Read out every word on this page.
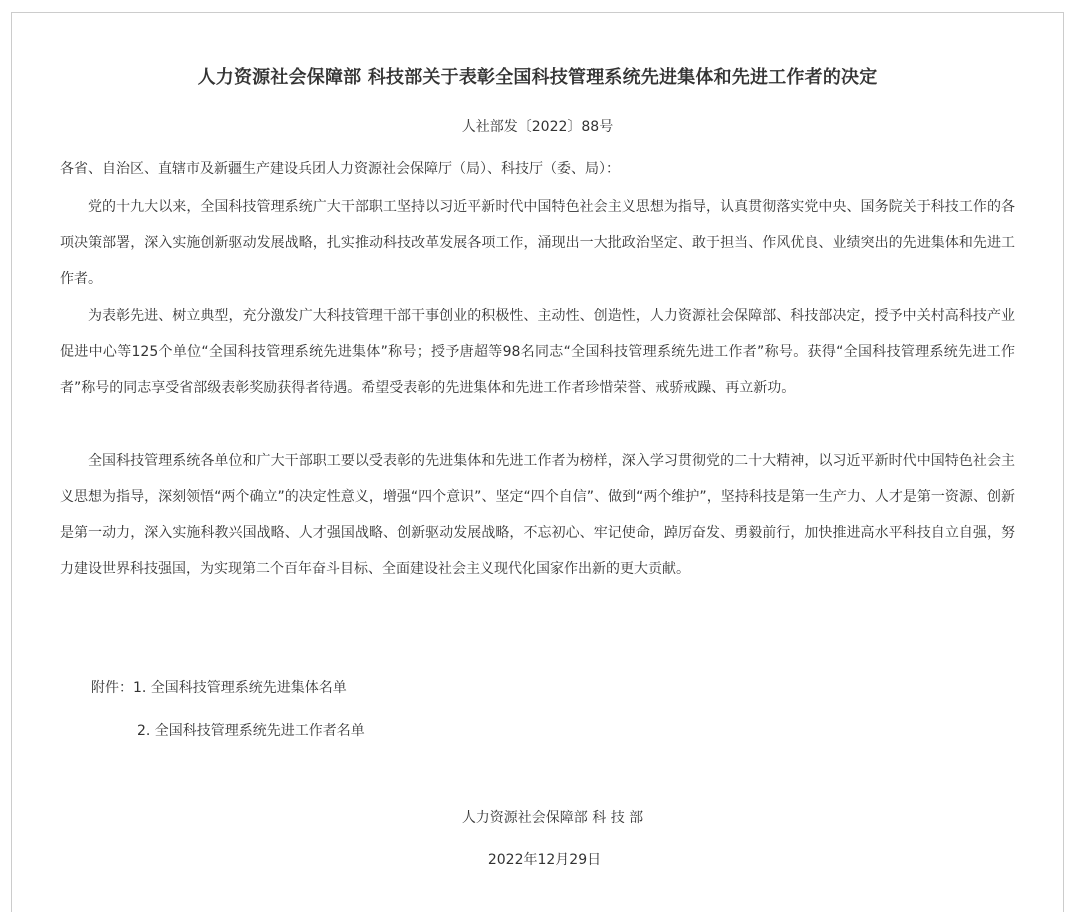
人力资源社会保障部 科技部关于表彰全国科技管理系统先进集体和先进工作者的决定
人社部发〔2022〕88号
各省、自治区、直辖市及新疆生产建设兵团人力资源社会保障厅（局）、科技厅（委、局）：

党的十九大以来，全国科技管理系统广大干部职工坚持以习近平新时代中国特色社会主义思想为指导，认真贯彻落实党中央、国务院关于科技工作的各项决策部署，深入实施创新驱动发展战略，扎实推动科技改革发展各项工作，涌现出一大批政治坚定、敢于担当、作风优良、业绩突出的先进集体和先进工作者。

为表彰先进、树立典型，充分激发广大科技管理干部干事创业的积极性、主动性、创造性，人力资源社会保障部、科技部决定，授予中关村高科技产业促进中心等125个单位“全国科技管理系统先进集体”称号；授予唐超等98名同志“全国科技管理系统先进工作者”称号。获得“全国科技管理系统先进工作者”称号的同志享受省部级表彰奖励获得者待遇。希望受表彰的先进集体和先进工作者珍惜荣誉、戒骄戒躁、再立新功。

全国科技管理系统各单位和广大干部职工要以受表彰的先进集体和先进工作者为榜样，深入学习贯彻党的二十大精神，以习近平新时代中国特色社会主义思想为指导，深刻领悟“两个确立”的决定性意义，增强“四个意识”、坚定“四个自信”、做到“两个维护”，坚持科技是第一生产力、人才是第一资源、创新是第一动力，深入实施科教兴国战略、人才强国战略、创新驱动发展战略，不忘初心、牢记使命，踔厉奋发、勇毅前行，加快推进高水平科技自立自强，努力建设世界科技强国，为实现第二个百年奋斗目标、全面建设社会主义现代化国家作出新的更大贡献。

附件：1. 全国科技管理系统先进集体名单
2. 全国科技管理系统先进工作者名单
人力资源社会保障部 科 技 部
2022年12月29日
